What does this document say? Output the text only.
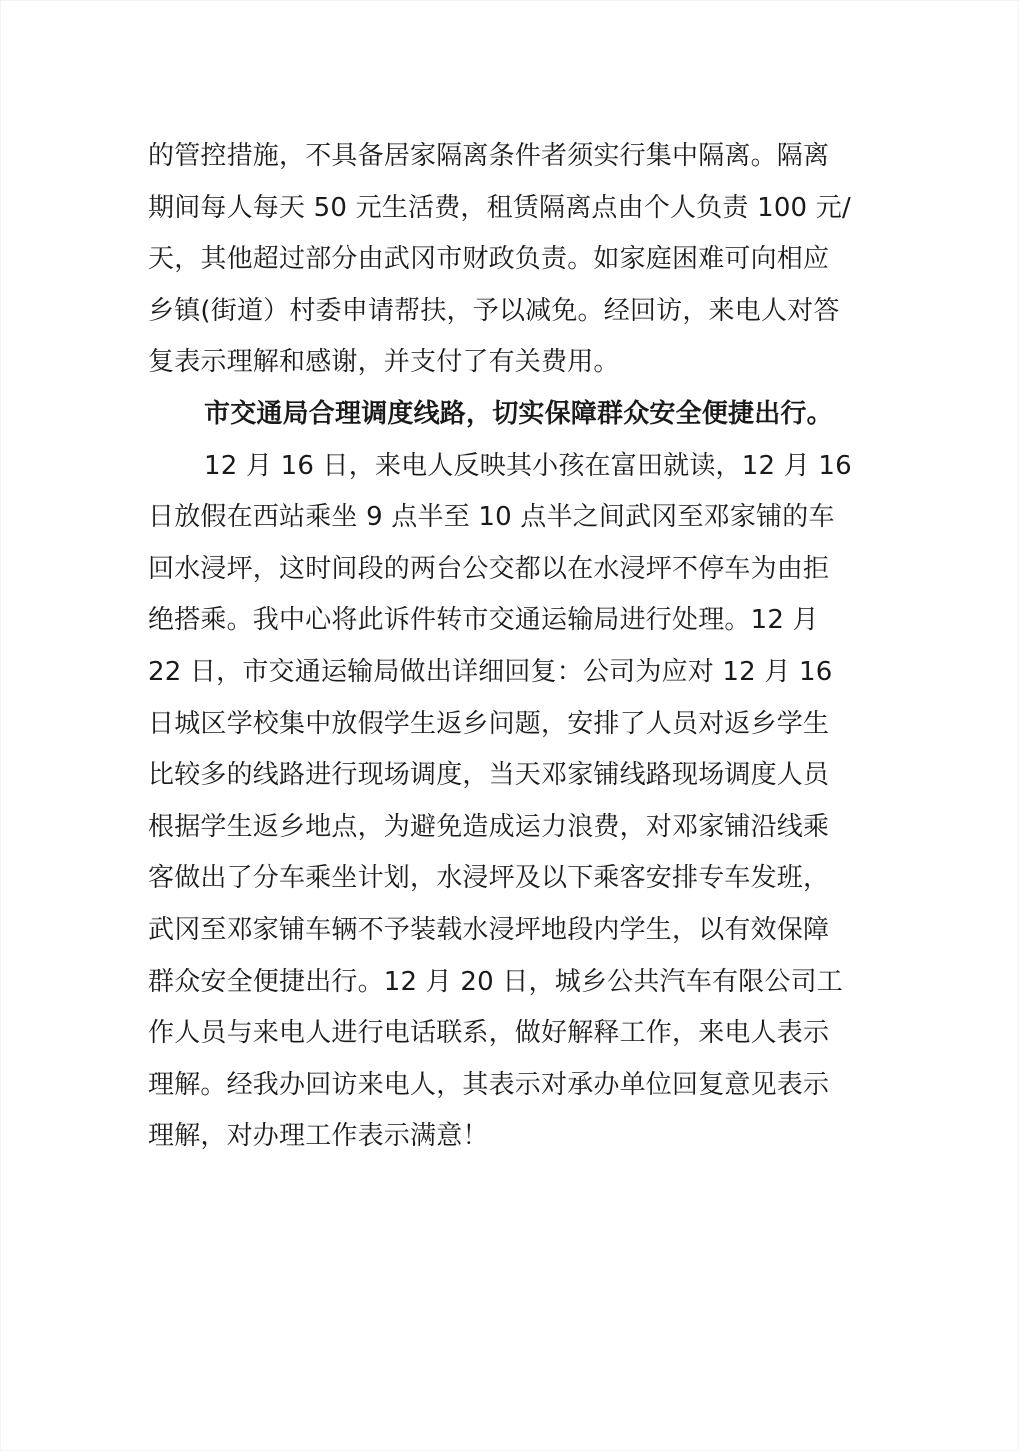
的管控措施，不具备居家隔离条件者须实行集中隔离。隔离
期间每人每天 50 元生活费，租赁隔离点由个人负责 100 元/
天，其他超过部分由武冈市财政负责。如家庭困难可向相应
乡镇(街道）村委申请帮扶，予以减免。经回访，来电人对答
复表示理解和感谢，并支付了有关费用。
市交通局合理调度线路，切实保障群众安全便捷出行。
12 月 16 日，来电人反映其小孩在富田就读，12 月 16
日放假在西站乘坐 9 点半至 10 点半之间武冈至邓家铺的车
回水浸坪，这时间段的两台公交都以在水浸坪不停车为由拒
绝搭乘。我中心将此诉件转市交通运输局进行处理。12 月
22 日，市交通运输局做出详细回复：公司为应对 12 月 16
日城区学校集中放假学生返乡问题，安排了人员对返乡学生
比较多的线路进行现场调度，当天邓家铺线路现场调度人员
根据学生返乡地点，为避免造成运力浪费，对邓家铺沿线乘
客做出了分车乘坐计划，水浸坪及以下乘客安排专车发班，
武冈至邓家铺车辆不予装载水浸坪地段内学生，以有效保障
群众安全便捷出行。12 月 20 日，城乡公共汽车有限公司工
作人员与来电人进行电话联系，做好解释工作，来电人表示
理解。经我办回访来电人，其表示对承办单位回复意见表示
理解，对办理工作表示满意！
